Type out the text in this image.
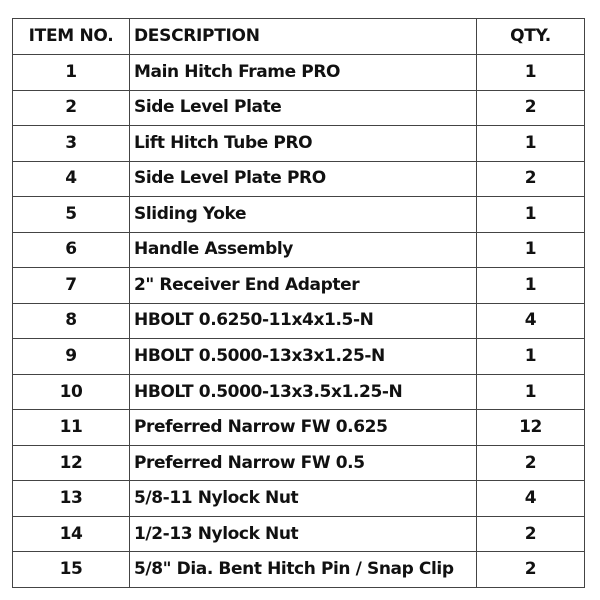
ITEM NO.	DESCRIPTION	QTY.
1	Main Hitch Frame PRO	1
2	Side Level Plate	2
3	Lift Hitch Tube PRO	1
4	Side Level Plate PRO	2
5	Sliding Yoke	1
6	Handle Assembly	1
7	2" Receiver End Adapter	1
8	HBOLT 0.6250-11x4x1.5-N	4
9	HBOLT 0.5000-13x3x1.25-N	1
10	HBOLT 0.5000-13x3.5x1.25-N	1
11	Preferred Narrow FW 0.625	12
12	Preferred Narrow FW 0.5	2
13	5/8-11 Nylock Nut	4
14	1/2-13 Nylock Nut	2
15	5/8" Dia. Bent Hitch Pin / Snap Clip	2
